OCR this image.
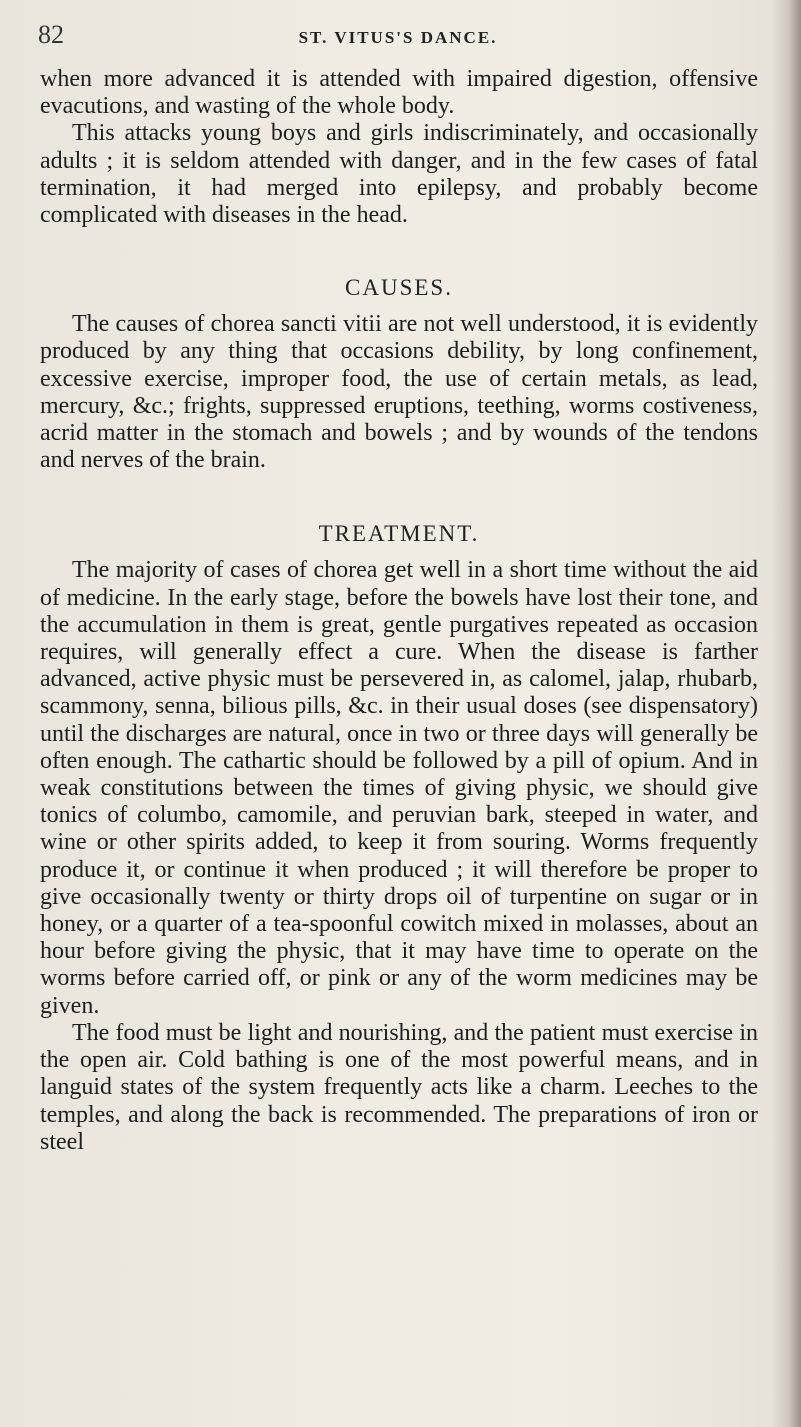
82	ST. VITUS'S DANCE.

when more advanced it is attended with impaired digestion, offensive evacutions, and wasting of the whole body.

This attacks young boys and girls indiscriminately, and occasionally adults ; it is seldom attended with danger, and in the few cases of fatal termination, it had merged into epilepsy, and probably become complicated with diseases in the head.

CAUSES.

The causes of chorea sancti vitii are not well understood, it is evidently produced by any thing that occasions debility, by long confinement, excessive exercise, improper food, the use of certain metals, as lead, mercury, &c.; frights, suppressed eruptions, teething, worms costiveness, acrid matter in the stomach and bowels ; and by wounds of the tendons and nerves of the brain.

TREATMENT.

The majority of cases of chorea get well in a short time without the aid of medicine. In the early stage, before the bowels have lost their tone, and the accumulation in them is great, gentle purgatives repeated as occasion requires, will generally effect a cure. When the disease is farther advanced, active physic must be persevered in, as calomel, jalap, rhubarb, scammony, senna, bilious pills, &c. in their usual doses (see dispensatory) until the discharges are natural, once in two or three days will generally be often enough. The cathartic should be followed by a pill of opium. And in weak constitutions between the times of giving physic, we should give tonics of columbo, camomile, and peruvian bark, steeped in water, and wine or other spirits added, to keep it from souring. Worms frequently produce it, or continue it when produced ; it will therefore be proper to give occasionally twenty or thirty drops oil of turpentine on sugar or in honey, or a quarter of a tea-spoonful cowitch mixed in molasses, about an hour before giving the physic, that it may have time to operate on the worms before carried off, or pink or any of the worm medicines may be given.

The food must be light and nourishing, and the patient must exercise in the open air. Cold bathing is one of the most powerful means, and in languid states of the system frequently acts like a charm. Leeches to the temples, and along the back is recommended. The preparations of iron or steel
